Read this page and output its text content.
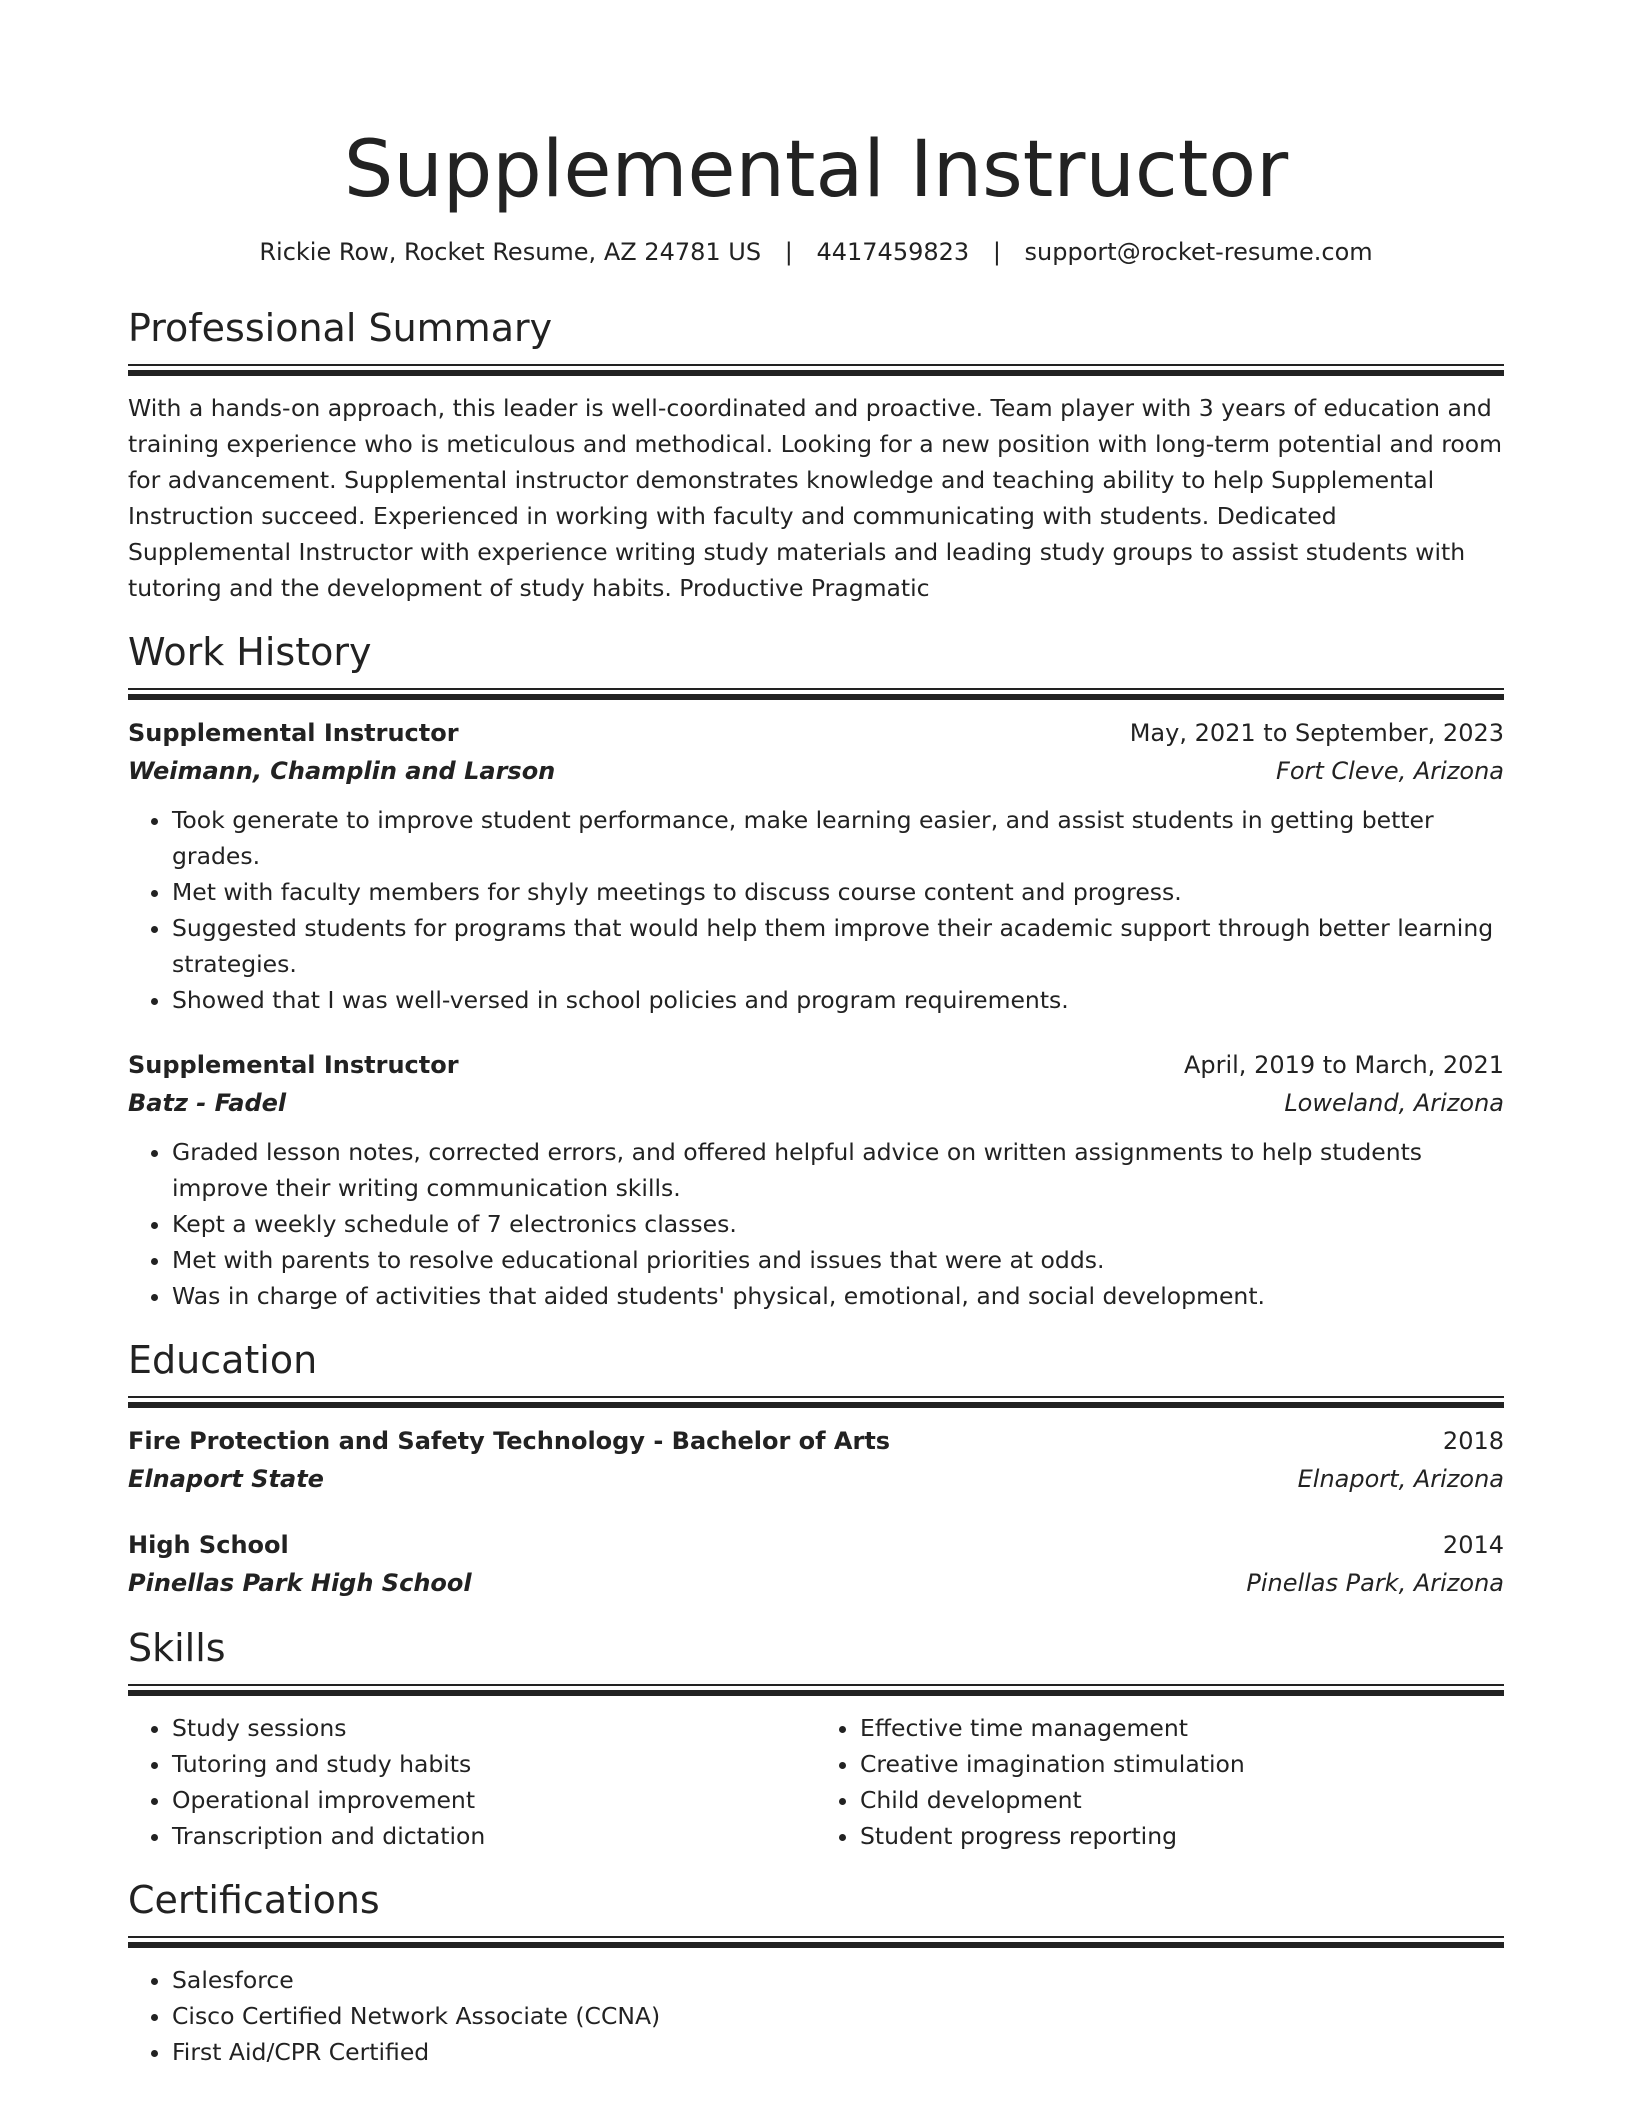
Supplemental Instructor
Rickie Row, Rocket Resume, AZ 24781 US | 4417459823 | support@rocket-resume.com
Professional Summary

With a hands-on approach, this leader is well-coordinated and proactive. Team player with 3 years of education and training experience who is meticulous and methodical. Looking for a new position with long-term potential and room for advancement. Supplemental instructor demonstrates knowledge and teaching ability to help Supplemental Instruction succeed. Experienced in working with faculty and communicating with students. Dedicated Supplemental Instructor with experience writing study materials and leading study groups to assist students with tutoring and the development of study habits. Productive Pragmatic

Work History
Supplemental Instructor	May, 2021 to September, 2023
Weimann, Champlin and Larson	Fort Cleve, Arizona
• Took generate to improve student performance, make learning easier, and assist students in getting better grades.
• Met with faculty members for shyly meetings to discuss course content and progress.
• Suggested students for programs that would help them improve their academic support through better learning strategies.
• Showed that I was well-versed in school policies and program requirements.
Supplemental Instructor	April, 2019 to March, 2021
Batz - Fadel	Loweland, Arizona
• Graded lesson notes, corrected errors, and offered helpful advice on written assignments to help students improve their writing communication skills.
• Kept a weekly schedule of 7 electronics classes.
• Met with parents to resolve educational priorities and issues that were at odds.
• Was in charge of activities that aided students' physical, emotional, and social development.
Education
Fire Protection and Safety Technology - Bachelor of Arts	2018
Elnaport State	Elnaport, Arizona
High School	2014
Pinellas Park High School	Pinellas Park, Arizona
Skills
• Study sessions
• Tutoring and study habits
• Operational improvement
• Transcription and dictation
• Effective time management
• Creative imagination stimulation
• Child development
• Student progress reporting
Certifications
• Salesforce
• Cisco Certified Network Associate (CCNA)
• First Aid/CPR Certified
